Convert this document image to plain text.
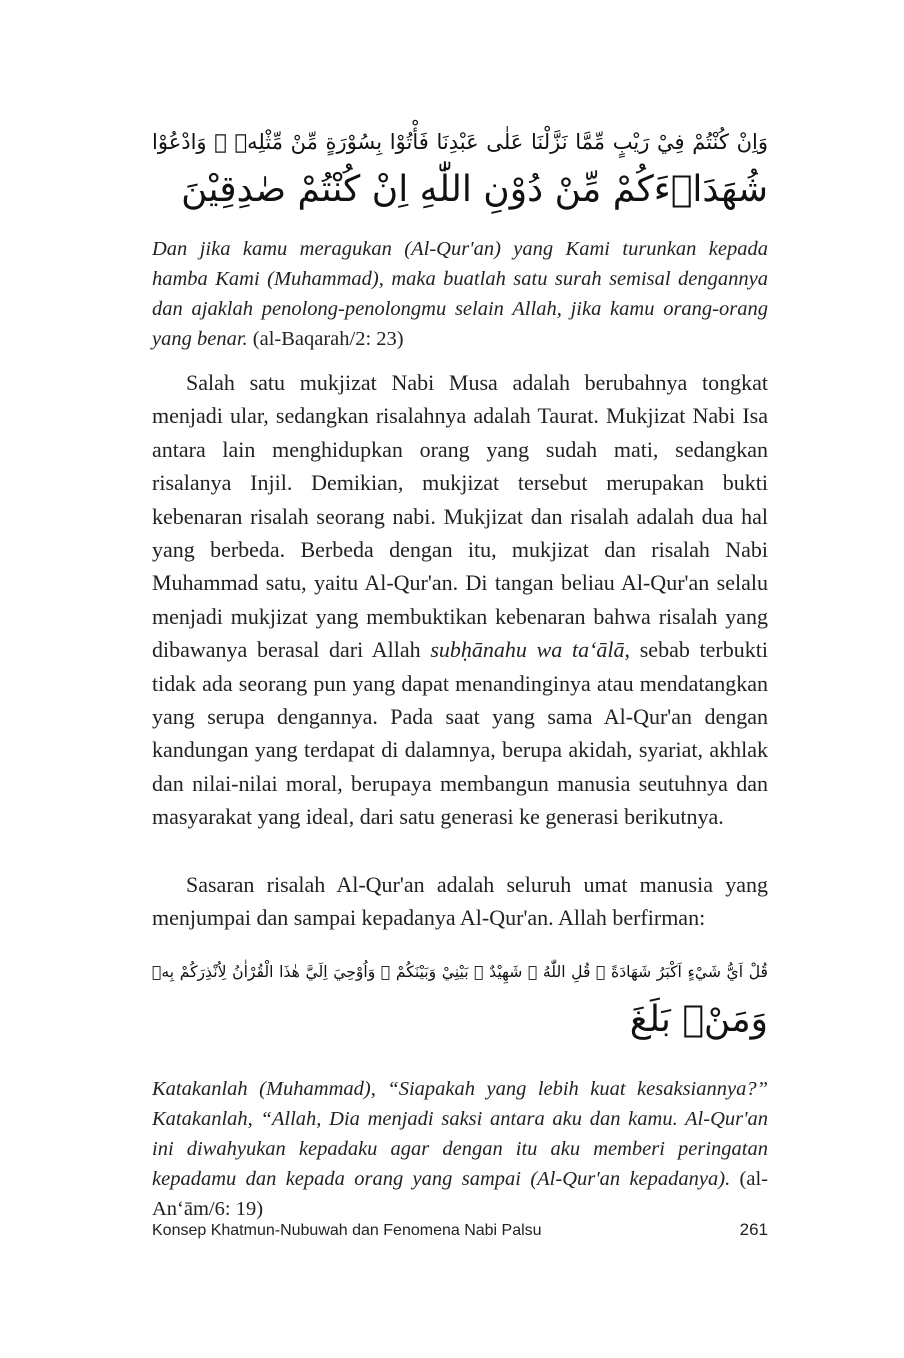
وَاِنْ كُنْتُمْ فِيْ رَيْبٍ مِّمَّا نَزَّلْنَا عَلٰى عَبْدِنَا فَأْتُوْا بِسُوْرَةٍ مِّنْ مِّثْلِهٖ ۖ وَادْعُوْا
شُهَدَاۤءَكُمْ مِّنْ دُوْنِ اللّٰهِ اِنْ كُنْتُمْ صٰدِقِيْنَ

Dan jika kamu meragukan (Al-Qur'an) yang Kami turunkan kepada hamba Kami (Muhammad), maka buatlah satu surah semisal dengannya dan ajaklah penolong-penolongmu selain Allah, jika kamu orang-orang yang benar. (al-Baqarah/2: 23)

Salah satu mukjizat Nabi Musa adalah berubahnya tongkat menjadi ular, sedangkan risalahnya adalah Taurat. Mukjizat Nabi Isa antara lain menghidupkan orang yang sudah mati, sedangkan risalanya Injil. Demikian, mukjizat tersebut merupakan bukti kebenaran risalah seorang nabi. Mukjizat dan risalah adalah dua hal yang berbeda. Berbeda dengan itu, mukjizat dan risalah Nabi Muhammad satu, yaitu Al-Qur'an. Di tangan beliau Al-Qur'an selalu menjadi mukjizat yang membuktikan kebenaran bahwa risalah yang dibawanya berasal dari Allah subḥānahu wa ta‘ālā, sebab terbukti tidak ada seorang pun yang dapat menandinginya atau mendatangkan yang serupa dengannya. Pada saat yang sama Al-Qur'an dengan kandungan yang terdapat di dalamnya, berupa akidah, syariat, akhlak dan nilai-nilai moral, berupaya membangun manusia seutuhnya dan masyarakat yang ideal, dari satu generasi ke generasi berikutnya.

Sasaran risalah Al-Qur'an adalah seluruh umat manusia yang menjumpai dan sampai kepadanya Al-Qur'an. Allah berfirman:

قُلْ اَيُّ شَيْءٍ اَكْبَرُ شَهَادَةً ۗ قُلِ اللّٰهُ ۗ شَهِيْدٌ ۢ بَيْنِيْ وَبَيْنَكُمْ ۗ وَاُوْحِيَ اِلَيَّ هٰذَا الْقُرْاٰنُ لِاُنْذِرَكُمْ بِهٖ
وَمَنْۢ بَلَغَ

Katakanlah (Muhammad), “Siapakah yang lebih kuat kesaksiannya?” Katakanlah, “Allah, Dia menjadi saksi antara aku dan kamu. Al-Qur'an ini diwahyukan kepadaku agar dengan itu aku memberi peringatan kepadamu dan kepada orang yang sampai (Al-Qur'an kepadanya). (al-An‘ām/6: 19)

Konsep Khatmun-Nubuwah dan Fenomena Nabi Palsu	261
